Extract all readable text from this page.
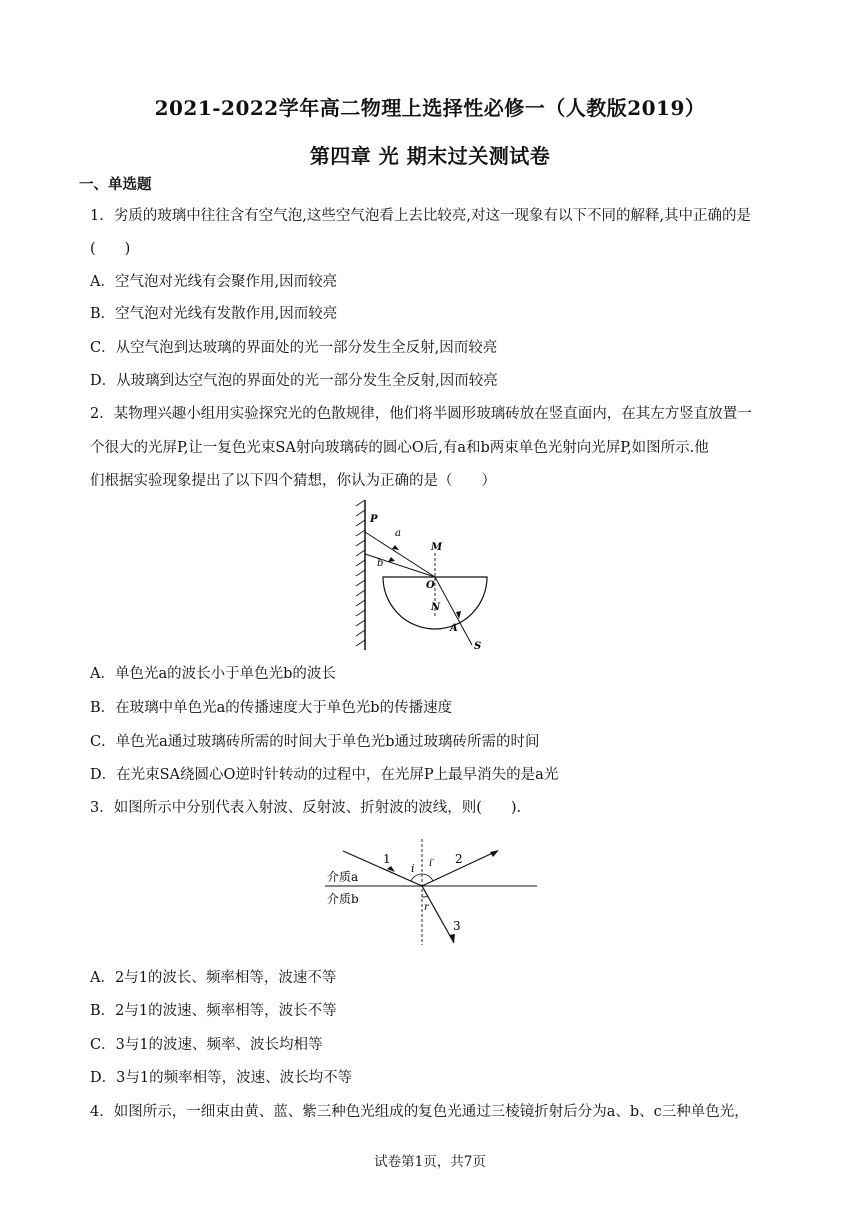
2021-2022学年高二物理上选择性必修一（人教版2019）
第四章 光 期末过关测试卷
一、单选题
1．劣质的玻璃中往往含有空气泡,这些空气泡看上去比较亮,对这一现象有以下不同的解释,其中正确的是
(　　)
A．空气泡对光线有会聚作用,因而较亮
B．空气泡对光线有发散作用,因而较亮
C．从空气泡到达玻璃的界面处的光一部分发生全反射,因而较亮
D．从玻璃到达空气泡的界面处的光一部分发生全反射,因而较亮
2．某物理兴趣小组用实验探究光的色散规律，他们将半圆形玻璃砖放在竖直面内，在其左方竖直放置一
个很大的光屏P,让一复色光束SA射向玻璃砖的圆心O后,有a和b两束单色光射向光屏P,如图所示.他
们根据实验现象提出了以下四个猜想，你认为正确的是（　　）
P
a
b
M
O
N
A
S
A．单色光a的波长小于单色光b的波长
B．在玻璃中单色光a的传播速度大于单色光b的传播速度
C．单色光a通过玻璃砖所需的时间大于单色光b通过玻璃砖所需的时间
D．在光束SA绕圆心O逆时针转动的过程中，在光屏P上最早消失的是a光
3．如图所示中分别代表入射波、反射波、折射波的波线，则(　　).
1	2
3
i i′
r
介质a
介质b
A．2与1的波长、频率相等，波速不等
B．2与1的波速、频率相等，波长不等
C．3与1的波速、频率、波长均相等
D．3与1的频率相等，波速、波长均不等
4．如图所示，一细束由黄、蓝、紫三种色光组成的复色光通过三棱镜折射后分为a、b、c三种单色光，
试卷第1页，共7页
